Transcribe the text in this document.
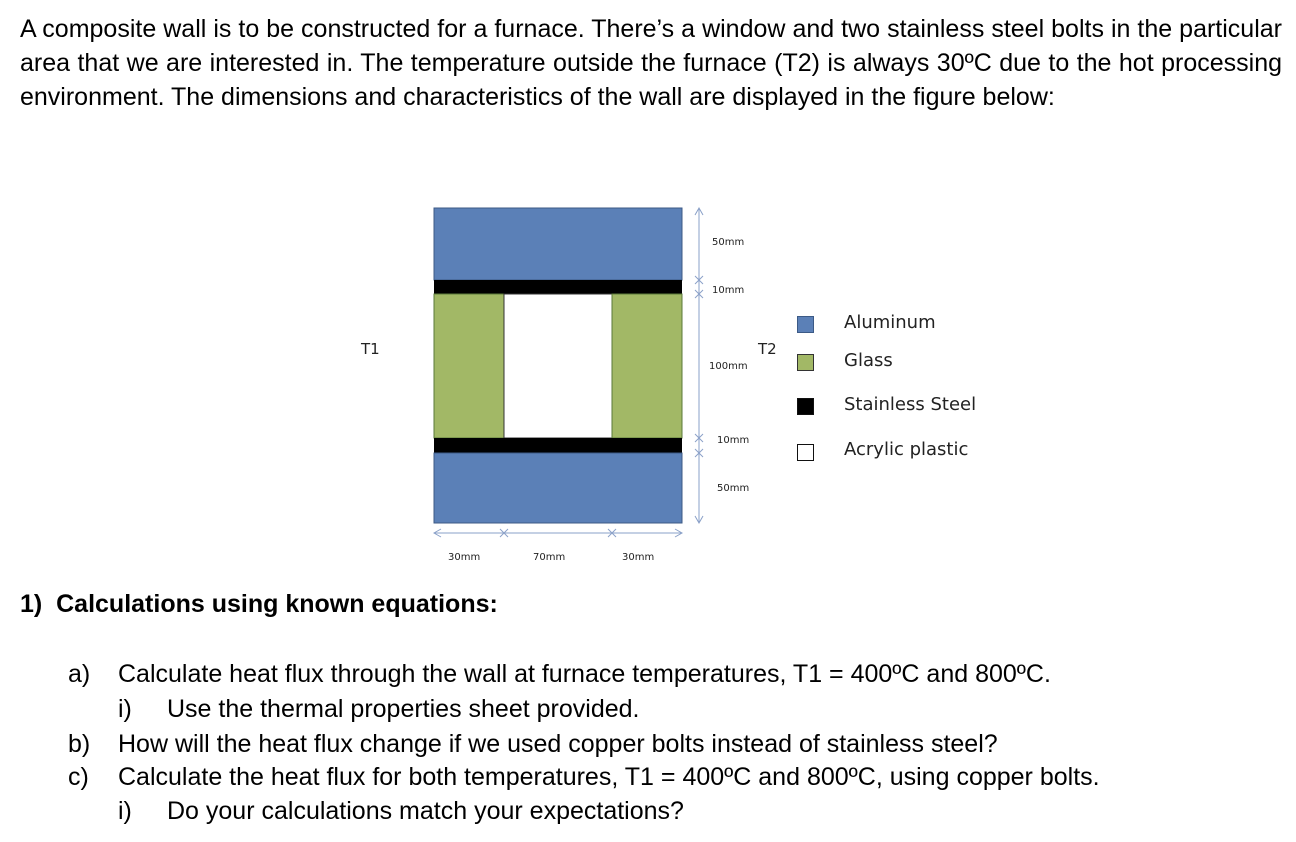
A composite wall is to be constructed for a furnace. There’s a window and two stainless steel bolts in the particular area that we are interested in. The temperature outside the furnace (T2) is always 30ºC due to the hot processing environment. The dimensions and characteristics of the wall are displayed in the figure below:

T1	T2
50mm
10mm
100mm
10mm
50mm
30mm	70mm	30mm
Aluminum
Glass
Stainless Steel
Acrylic plastic
1)  Calculations using known equations:
a) Calculate heat flux through the wall at furnace temperatures, T1 = 400ºC and 800ºC.
i) Use the thermal properties sheet provided.
b) How will the heat flux change if we used copper bolts instead of stainless steel?
c) Calculate the heat flux for both temperatures, T1 = 400ºC and 800ºC, using copper bolts.
i) Do your calculations match your expectations?
